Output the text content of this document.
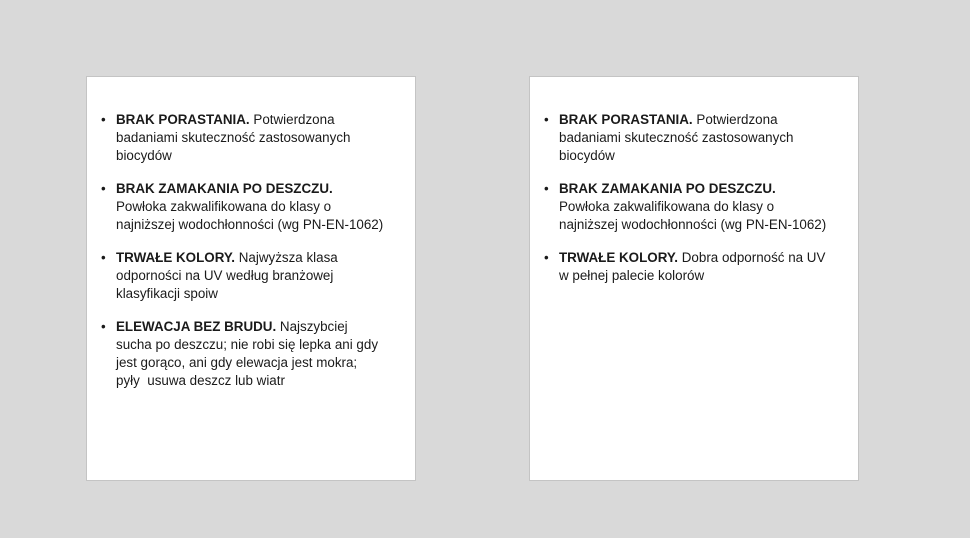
• BRAK PORASTANIA. Potwierdzona
badaniami skuteczność zastosowanych
biocydów
• BRAK ZAMAKANIA PO DESZCZU.
Powłoka zakwalifikowana do klasy o
najniższej wodochłonności (wg PN-EN-1062)
• TRWAŁE KOLORY. Najwyższa klasa
odporności na UV według branżowej
klasyfikacji spoiw
• ELEWACJA BEZ BRUDU. Najszybciej
sucha po deszczu; nie robi się lepka ani gdy
jest gorąco, ani gdy elewacja jest mokra;
pyły  usuwa deszcz lub wiatr
• BRAK PORASTANIA. Potwierdzona
badaniami skuteczność zastosowanych
biocydów
• BRAK ZAMAKANIA PO DESZCZU.
Powłoka zakwalifikowana do klasy o
najniższej wodochłonności (wg PN-EN-1062)
• TRWAŁE KOLORY. Dobra odporność na UV
w pełnej palecie kolorów
